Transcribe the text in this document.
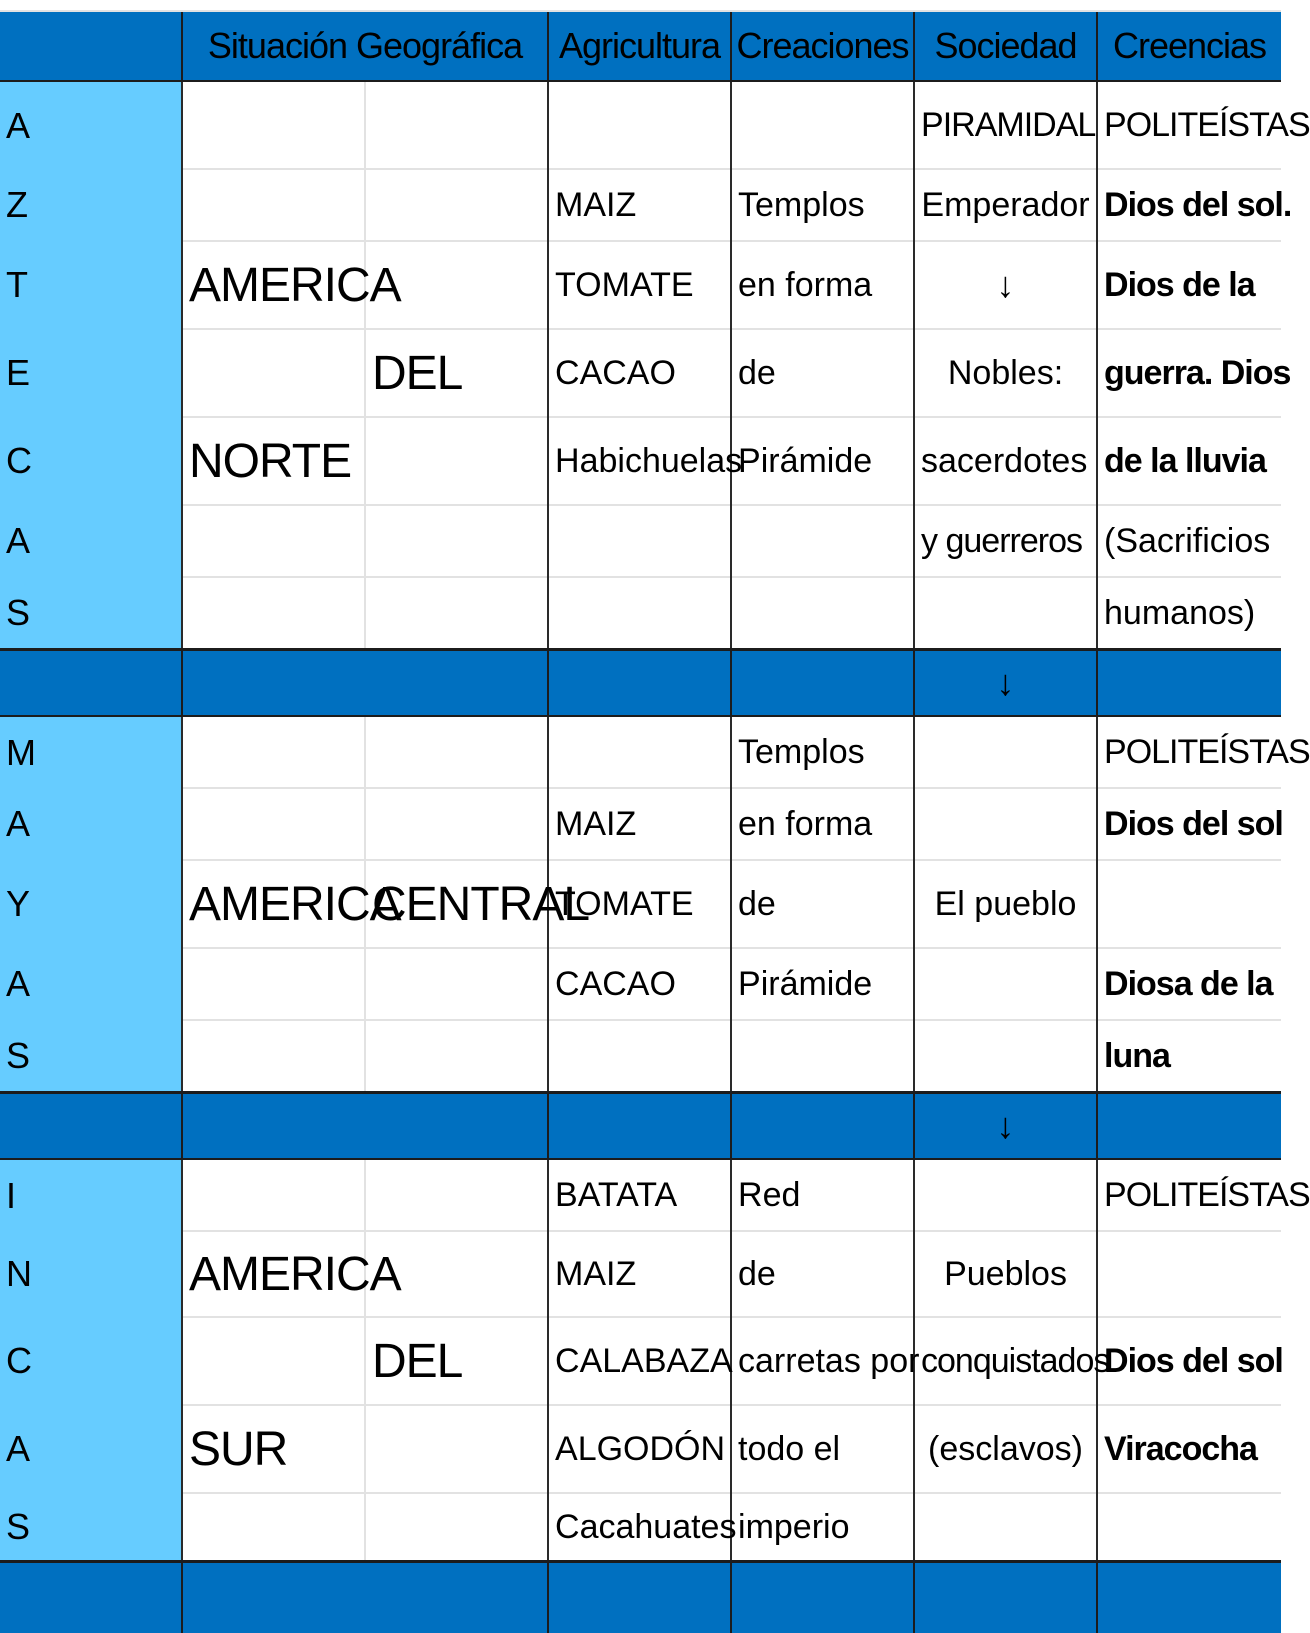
	Situación Geográfica		Agricultura	Creaciones	Sociedad	Creencias
A					PIRAMIDAL	POLITEÍSTAS
Z			MAIZ	Templos	Emperador	Dios del sol.
T	AMERICA		TOMATE	en forma	↓	Dios de la
E		DEL	CACAO	de	Nobles:	guerra. Dios
C	NORTE		Habichuelas	Pirámide	sacerdotes	de la lluvia
A					y guerreros	(Sacrificios
S						humanos)
					↓	
M				Templos		POLITEÍSTAS
A			MAIZ	en forma		Dios del sol
Y	AMERICA	CENTRAL	TOMATE	de	El pueblo	
A			CACAO	Pirámide		Diosa de la
S						luna
					↓	
I			BATATA	Red		POLITEÍSTAS
N	AMERICA		MAIZ	de	Pueblos	
C		DEL	CALABAZA	carretas por	conquistados	Dios del sol
A	SUR		ALGODÓN	todo el	(esclavos)	Viracocha
S			Cacahuates	imperio		
